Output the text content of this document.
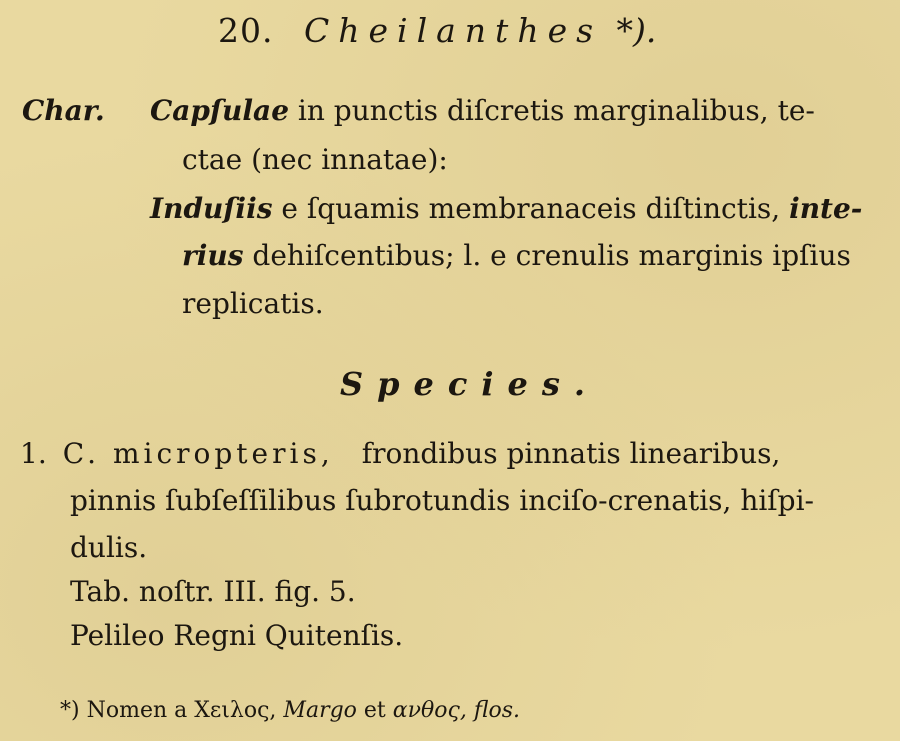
20. Cheilanthes *).
Char. Capſulae in punctis diſcretis marginalibus, te-
ctae (nec innatae):
Induſiis e ſquamis membranaceis diſtinctis, inte-
rius dehiſcentibus; l. e crenulis marginis ipſius
replicatis.
Species.
1. C. micropteris, frondibus pinnatis linearibus,
pinnis ſubſeſſilibus ſubrotundis inciſo-crenatis, hiſpi-
dulis.
Tab. noſtr. III. fig. 5.
Pelileo Regni Quitenſis.
*) Nomen a Χειλος, Margo et ανθος, flos.
